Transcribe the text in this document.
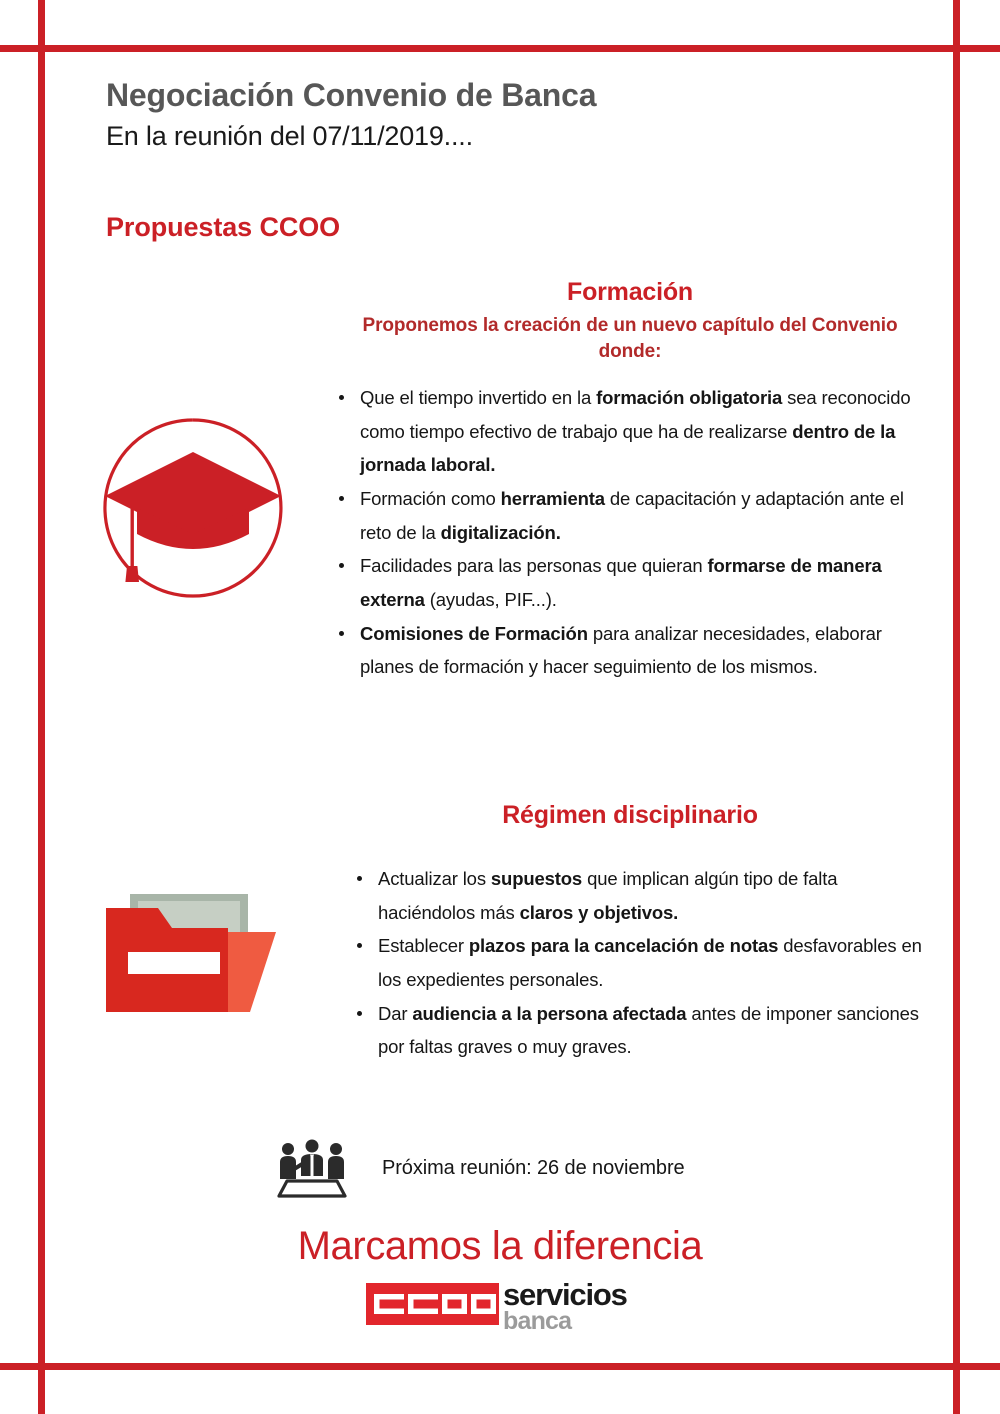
Negociación Convenio de Banca

En la reunión del 07/11/2019....

Propuestas CCOO
Formación
Proponemos la creación de un nuevo capítulo del Convenio donde:
Que el tiempo invertido en la formación obligatoria sea reconocido como tiempo efectivo de trabajo que ha de realizarse dentro de la jornada laboral.
Formación como herramienta de capacitación y adaptación ante el reto de la digitalización.
Facilidades para las personas que quieran formarse de manera externa (ayudas, PIF...).
Comisiones de Formación para analizar necesidades, elaborar planes de formación y hacer seguimiento de los mismos.
Régimen disciplinario
Actualizar los supuestos que implican algún tipo de falta haciéndolos más claros y objetivos.
Establecer plazos para la cancelación de notas desfavorables en los expedientes personales.
Dar audiencia a la persona afectada antes de imponer sanciones por faltas graves o muy graves.
Próxima reunión: 26 de noviembre
Marcamos la diferencia
servicios
banca
